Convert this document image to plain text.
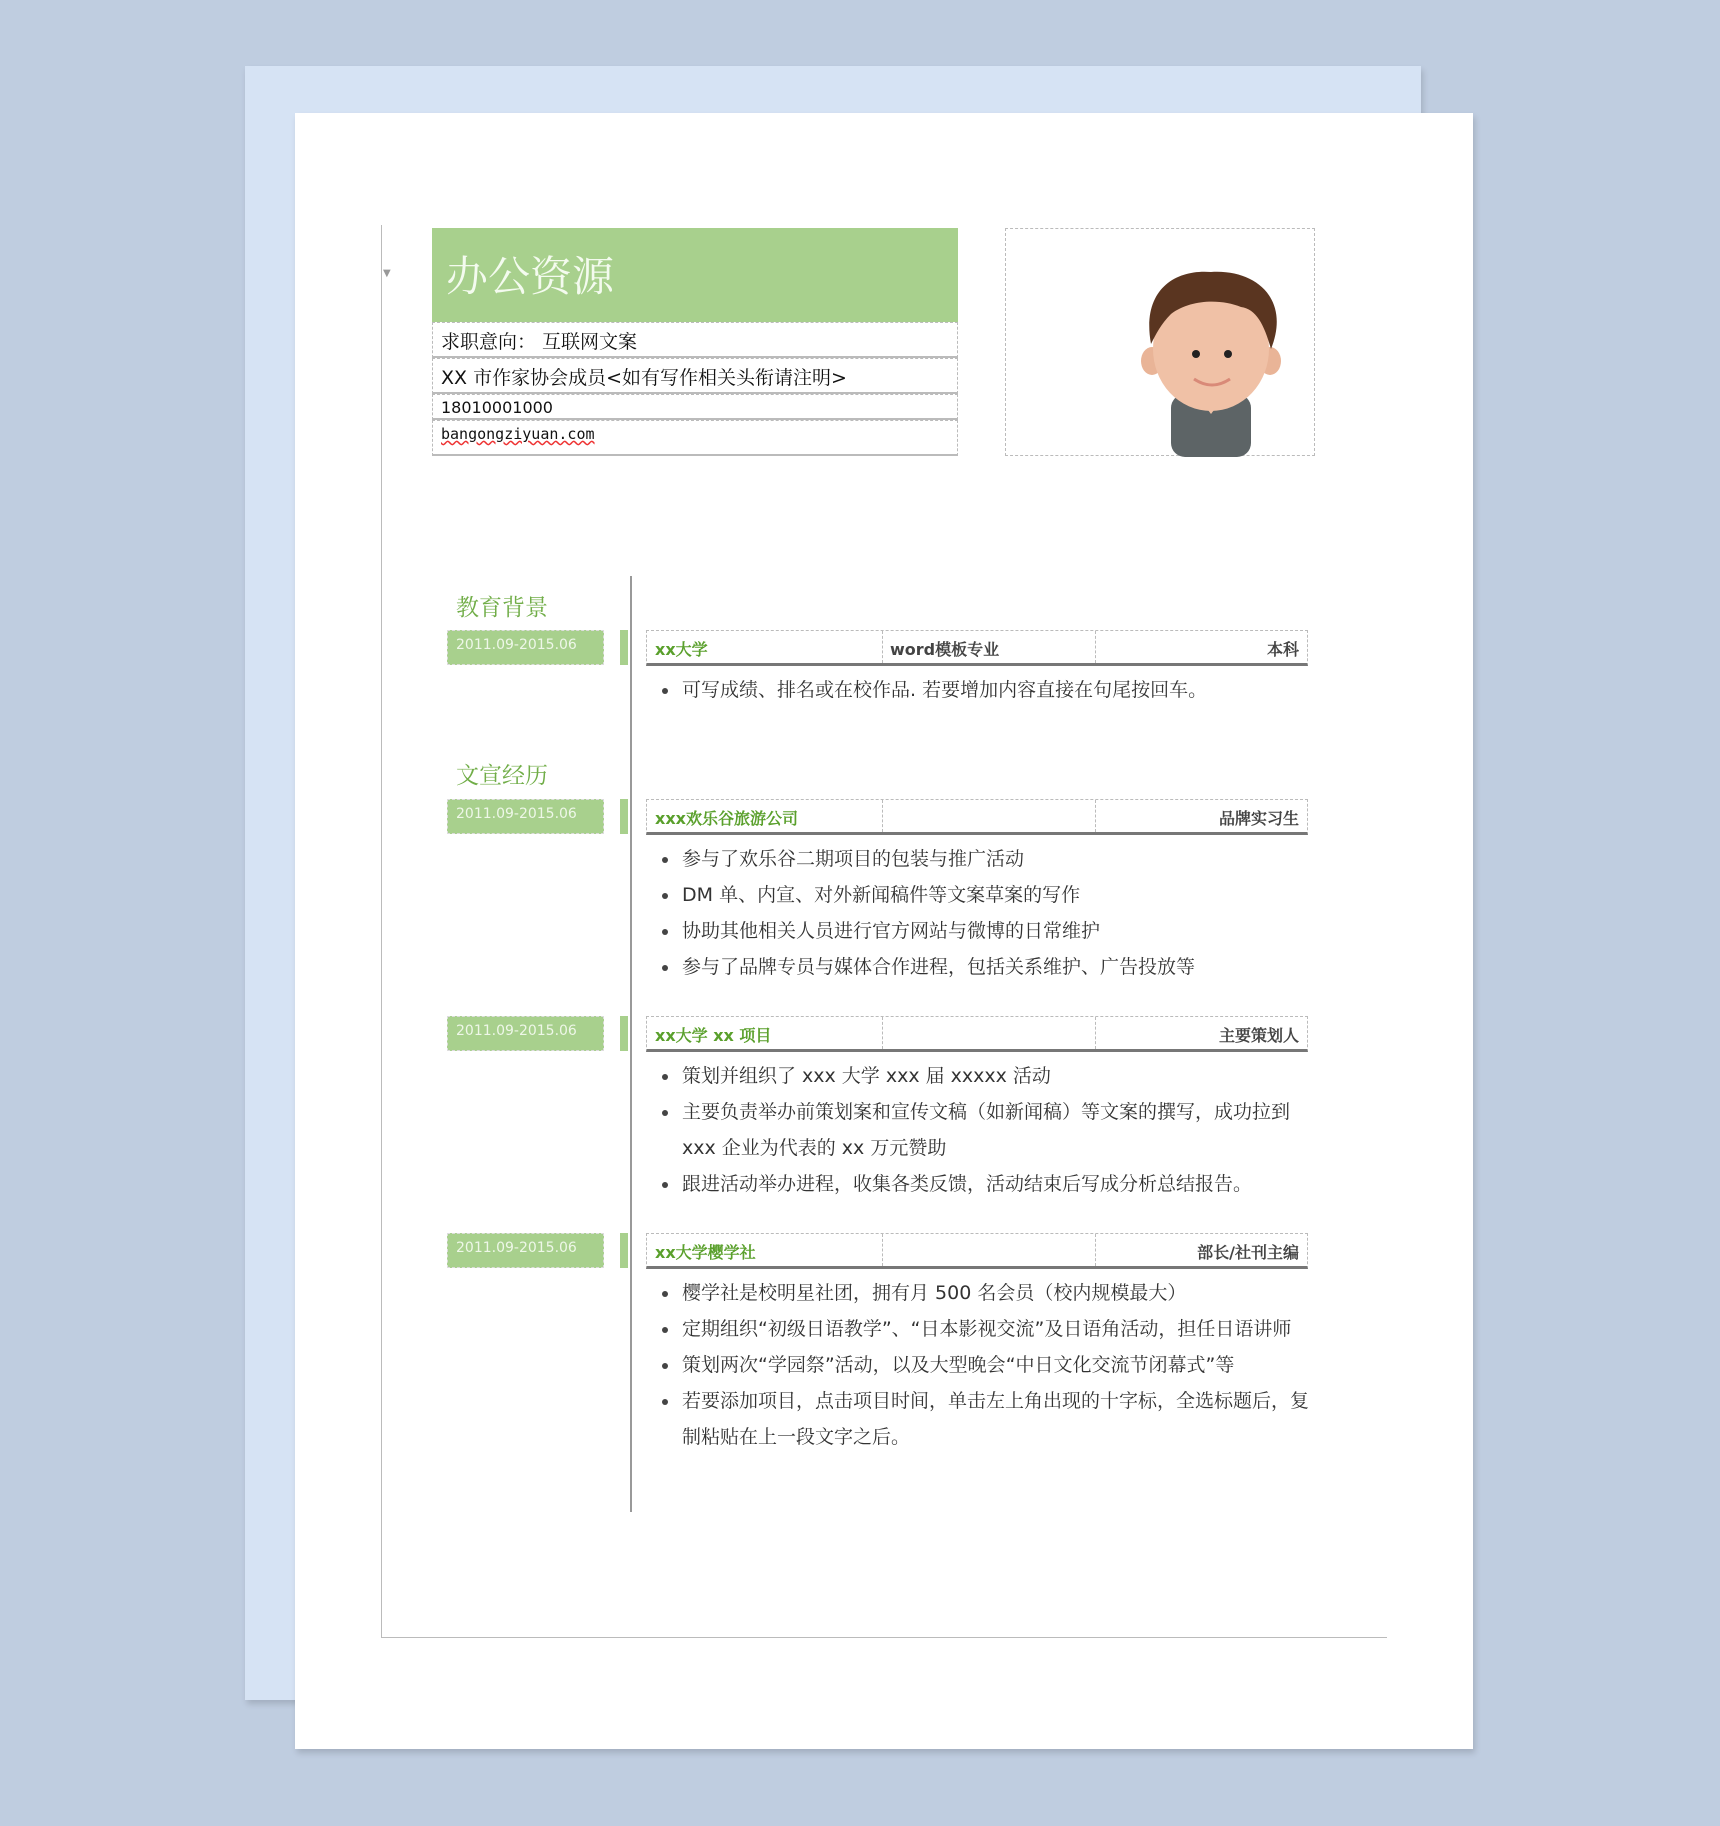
▼	办公资源
求职意向： 互联网文案
XX 市作家协会成员<如有写作相关头衔请注明>
18010001000
bangongziyuan.com
教育背景
文宣经历
2011.09-2015.06	xx大学	word模板专业	本科
可写成绩、排名或在校作品. 若要增加内容直接在句尾按回车。
2011.09-2015.06	xxx欢乐谷旅游公司	品牌实习生
参与了欢乐谷二期项目的包装与推广活动
DM 单、内宣、对外新闻稿件等文案草案的写作
协助其他相关人员进行官方网站与微博的日常维护
参与了品牌专员与媒体合作进程，包括关系维护、广告投放等
2011.09-2015.06	xx大学 xx 项目	主要策划人
策划并组织了 xxx 大学 xxx 届 xxxxx 活动
主要负责举办前策划案和宣传文稿（如新闻稿）等文案的撰写，成功拉到 xxx 企业为代表的 xx 万元赞助
跟进活动举办进程，收集各类反馈，活动结束后写成分析总结报告。
2011.09-2015.06	xx大学樱学社	部长/社刊主编
樱学社是校明星社团，拥有月 500 名会员（校内规模最大）
定期组织“初级日语教学”、“日本影视交流”及日语角活动，担任日语讲师
策划两次“学园祭”活动，以及大型晚会“中日文化交流节闭幕式”等
若要添加项目，点击项目时间，单击左上角出现的十字标，全选标题后，复制粘贴在上一段文字之后。
